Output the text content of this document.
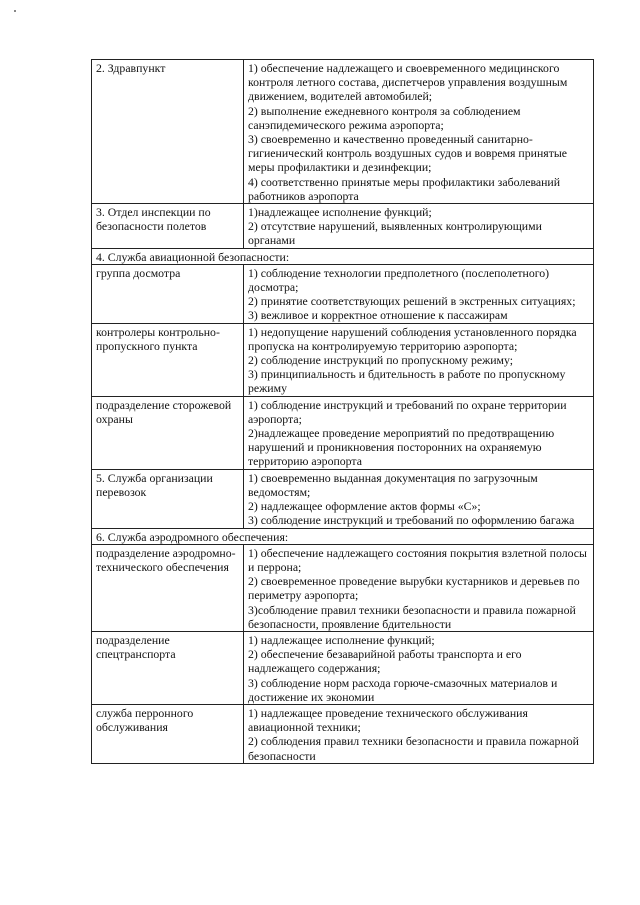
2. Здравпункт	1) обеспечение надлежащего и своевременного медицинского контроля летного состава, диспетчеров управления воздушным движением, водителей автомобилей;
2) выполнение ежедневного контроля за соблюдением санэпидемического режима аэропорта;
3) своевременно и качественно проведенный санитарно-гигиенический контроль воздушных судов и вовремя принятые меры профилактики и дезинфекции;
4) соответственно принятые меры профилактики заболеваний работников аэропорта

3. Отдел инспекции по безопасности полетов	1)надлежащее исполнение функций;
2) отсутствие нарушений, выявленных контролирующими органами

4. Служба авиационной безопасности:	
группа досмотра	1) соблюдение технологии предполетного (послеполетного) досмотра;
2) принятие соответствующих решений в экстренных ситуациях;
3) вежливое и корректное отношение к пассажирам

контролеры контрольно-пропускного пункта	1) недопущение нарушений соблюдения установленного порядка пропуска на контролируемую территорию аэропорта;
2) соблюдение инструкций по пропускному режиму;
3) принципиальность и бдительность в работе по пропускному режиму

подразделение сторожевой охраны	1) соблюдение инструкций и требований по охране территории аэропорта;
2)надлежащее проведение мероприятий по предотвращению нарушений и проникновения посторонних на охраняемую территорию аэропорта

5. Служба организации перевозок	1) своевременно выданная документация по загрузочным ведомостям;
2) надлежащее оформление актов формы «С»;
3) соблюдение инструкций и требований по оформлению багажа

6. Служба аэродромного обеспечения:	
подразделение аэродромно-технического обеспечения	1) обеспечение надлежащего состояния покрытия взлетной полосы и перрона;
2) своевременное проведение вырубки кустарников и деревьев по периметру аэропорта;
3)соблюдение правил техники безопасности и правила пожарной безопасности, проявление бдительности

подразделение спецтранспорта	1) надлежащее исполнение функций;
2) обеспечение безаварийной работы транспорта и его надлежащего содержания;
3) соблюдение норм расхода горюче-смазочных материалов и достижение их экономии

служба перронного обслуживания	1) надлежащее проведение технического обслуживания авиационной техники;
2) соблюдения правил техники безопасности и правила пожарной безопасности
